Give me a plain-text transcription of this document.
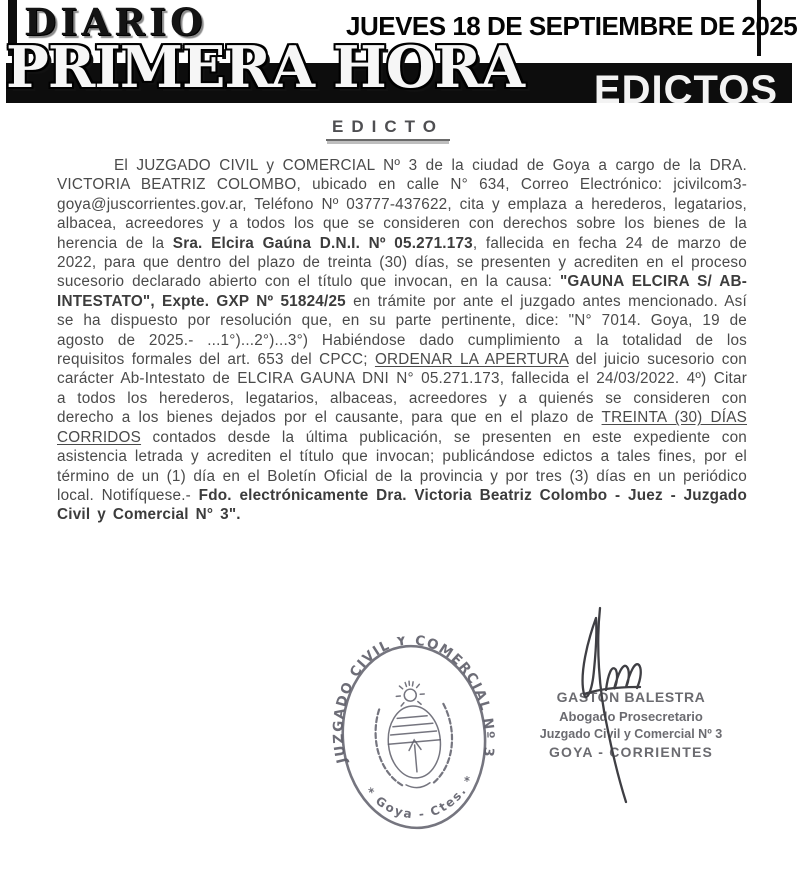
DIARIO	JUEVES 18 DE SEPTIEMBRE DE 2025
EDICTOS
PRIMERA HORA
EDICTO
El JUZGADO CIVIL y COMERCIAL Nº 3 de la ciudad de Goya a cargo de la DRA. VICTORIA BEATRIZ COLOMBO, ubicado en calle N° 634, Correo Electrónico: jcivilcom3-goya@juscorrientes.gov.ar, Teléfono Nº 03777-437622, cita y emplaza a herederos, legatarios, albacea, acreedores y a todos los que se consideren con derechos sobre los bienes de la herencia de la Sra. Elcira Gaúna D.N.I. Nº 05.271.173, fallecida en fecha 24 de marzo de 2022, para que dentro del plazo de treinta (30) días, se presenten y acrediten en el proceso sucesorio declarado abierto con el título que invocan, en la causa: "GAUNA ELCIRA S/ AB-INTESTATO", Expte. GXP Nº 51824/25 en trámite por ante el juzgado antes mencionado. Así se ha dispuesto por resolución que, en su parte pertinente, dice: "N° 7014. Goya, 19 de agosto de 2025.- ...1°)...2°)...3°) Habiéndose dado cumplimiento a la totalidad de los requisitos formales del art. 653 del CPCC; ORDENAR LA APERTURA del juicio sucesorio con carácter Ab-Intestato de ELCIRA GAUNA DNI N° 05.271.173, fallecida el 24/03/2022. 4º) Citar a todos los herederos, legatarios, albaceas, acreedores y a quienés se consideren con derecho a los bienes dejados por el causante, para que en el plazo de TREINTA (30) DÍAS CORRIDOS contados desde la última publicación, se presenten en este expediente con asistencia letrada y acrediten el título que invocan; publicándose edictos a tales fines, por el término de un (1) día en el Boletín Oficial de la provincia y por tres (3) días en un periódico local. Notifíquese.- Fdo. electrónicamente Dra. Victoria Beatriz Colombo - Juez - Juzgado Civil y Comercial N° 3".
JUZGADO CIVIL Y COMERCIAL Nº 3
* Goya - Ctes. *
GASTON BALESTRA
Abogado Prosecretario
Juzgado Civil y Comercial Nº 3
GOYA - CORRIENTES
